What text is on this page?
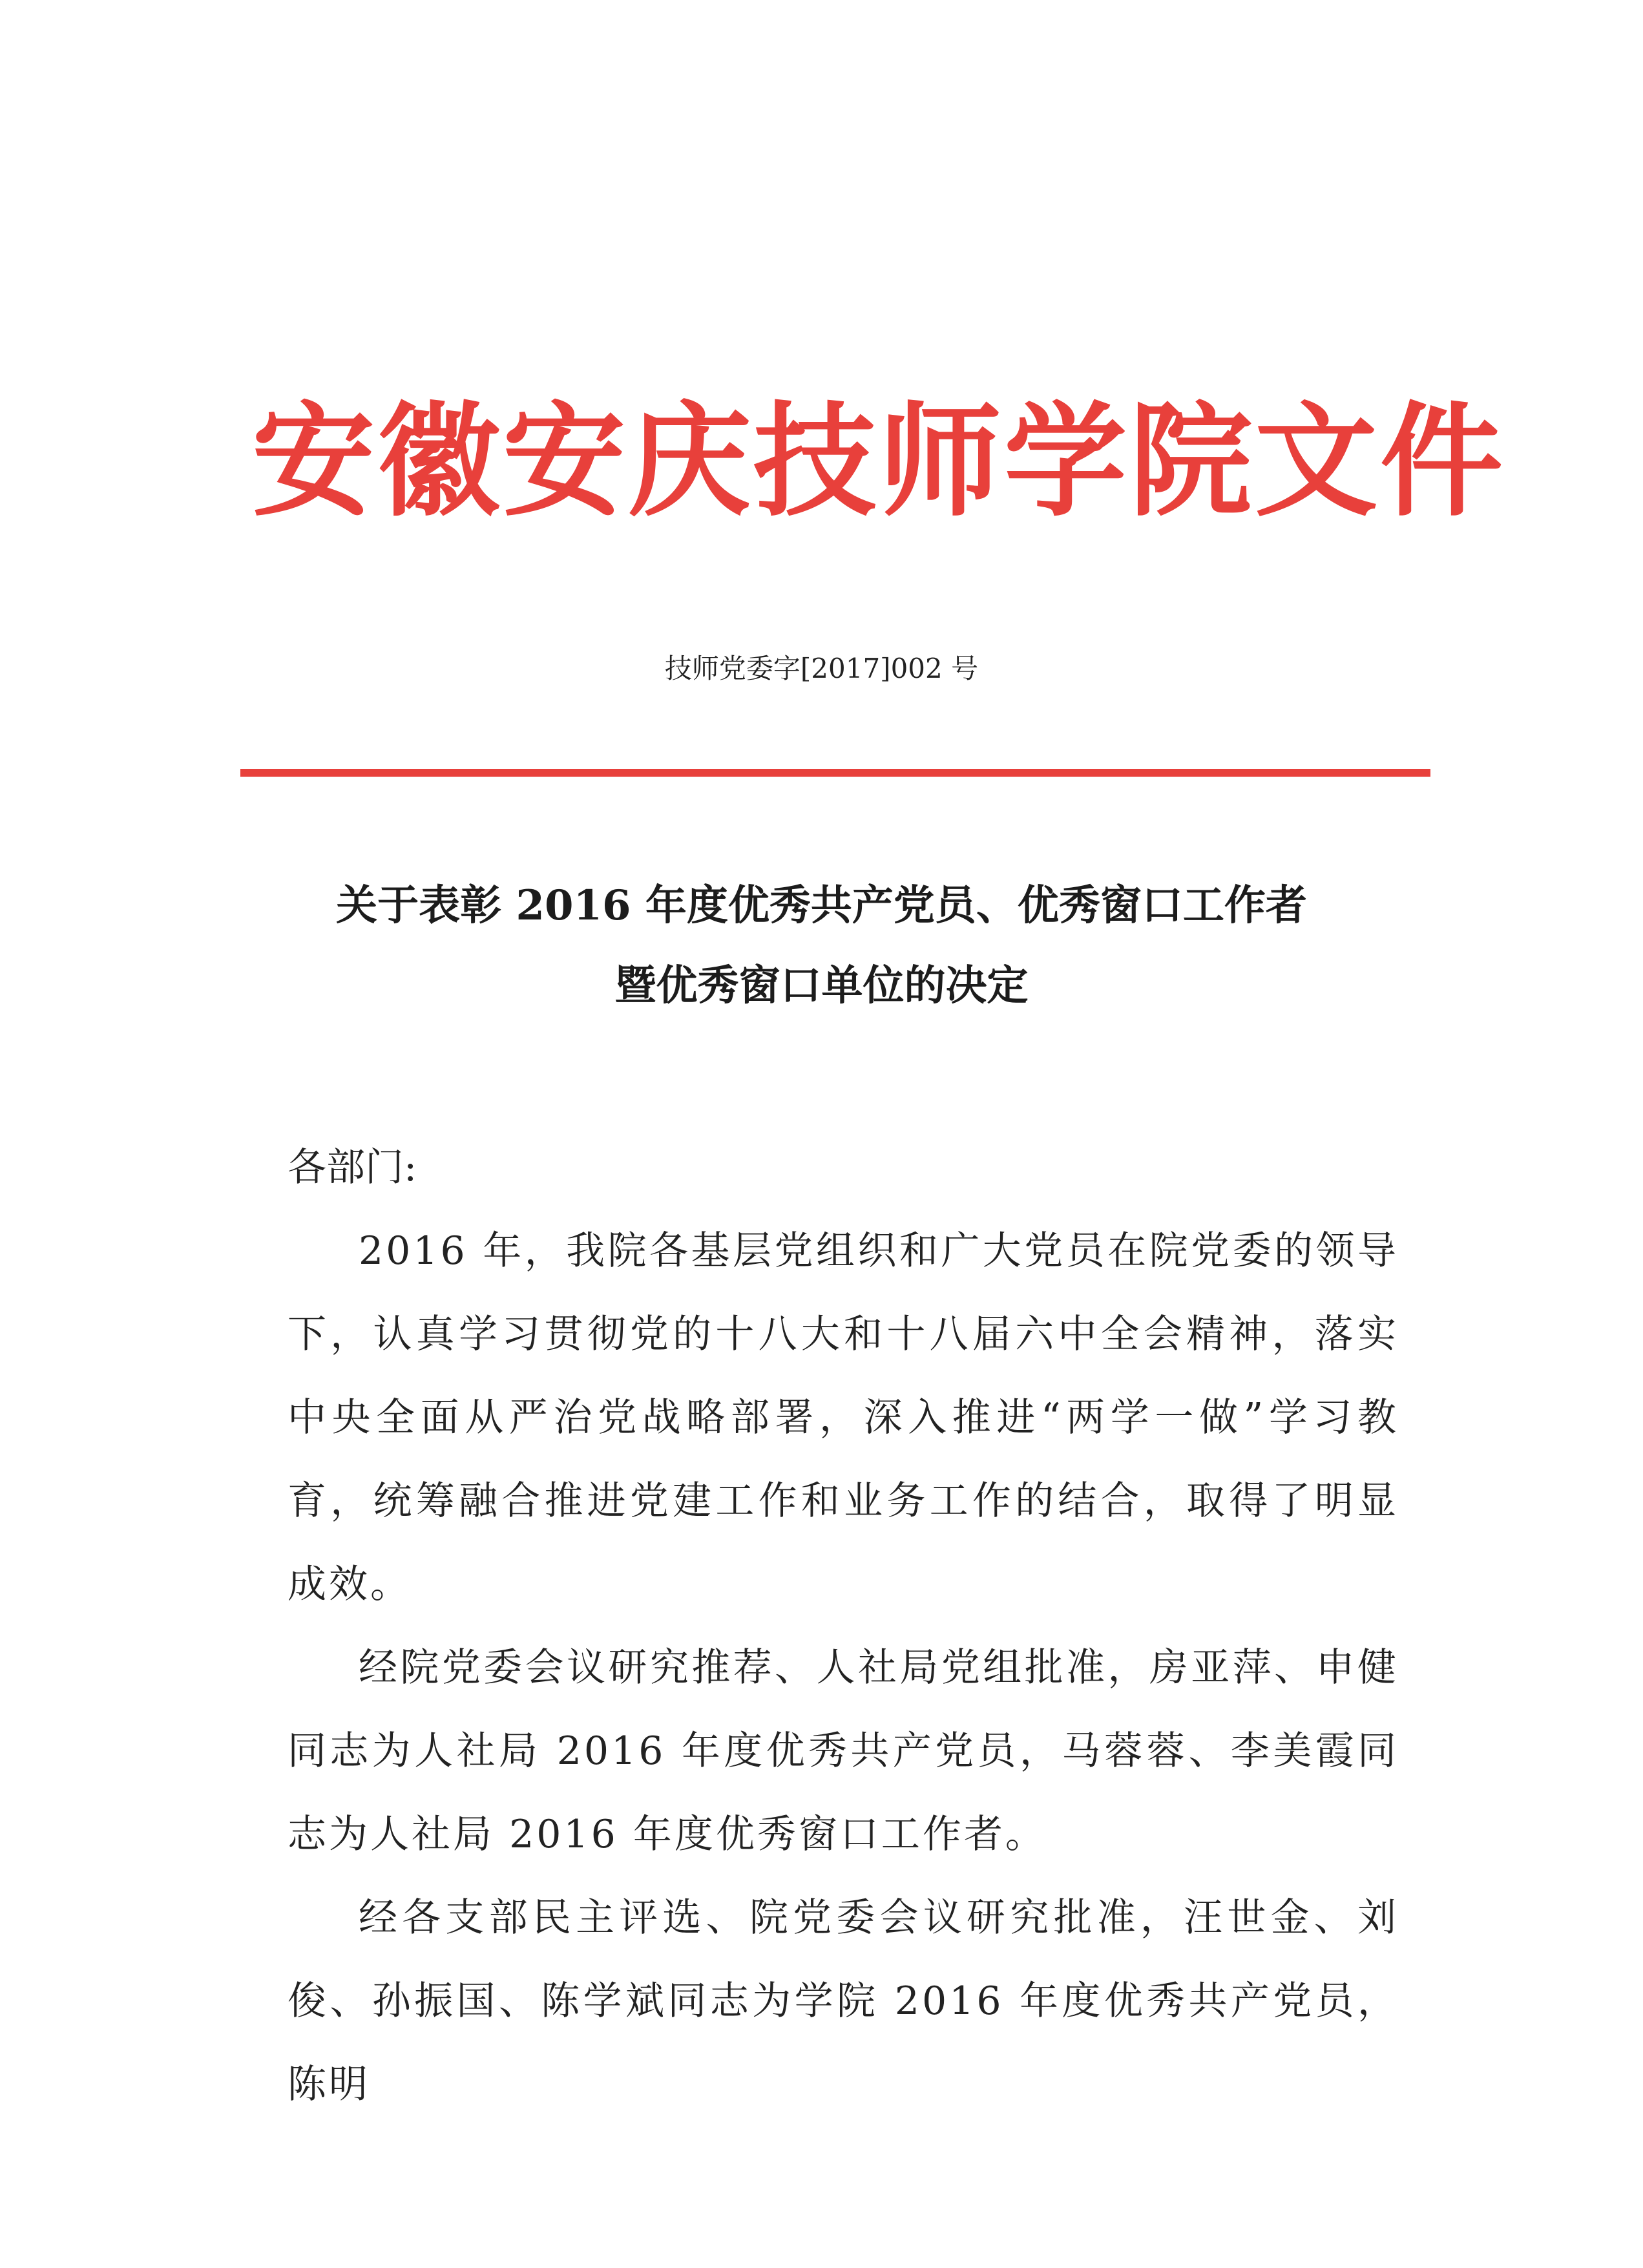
安徽安庆技师学院文件
技师党委字[2017]002 号
关于表彰 2016 年度优秀共产党员、优秀窗口工作者
暨优秀窗口单位的决定

各部门:

2016 年，我院各基层党组织和广大党员在院党委的领导下，认真学习贯彻党的十八大和十八届六中全会精神，落实中央全面从严治党战略部署，深入推进“两学一做”学习教育，统筹融合推进党建工作和业务工作的结合，取得了明显成效。

经院党委会议研究推荐、人社局党组批准，房亚萍、申健同志为人社局 2016 年度优秀共产党员，马蓉蓉、李美霞同志为人社局 2016 年度优秀窗口工作者。

经各支部民主评选、院党委会议研究批准，汪世金、刘俊、孙振国、陈学斌同志为学院 2016 年度优秀共产党员，陈明
